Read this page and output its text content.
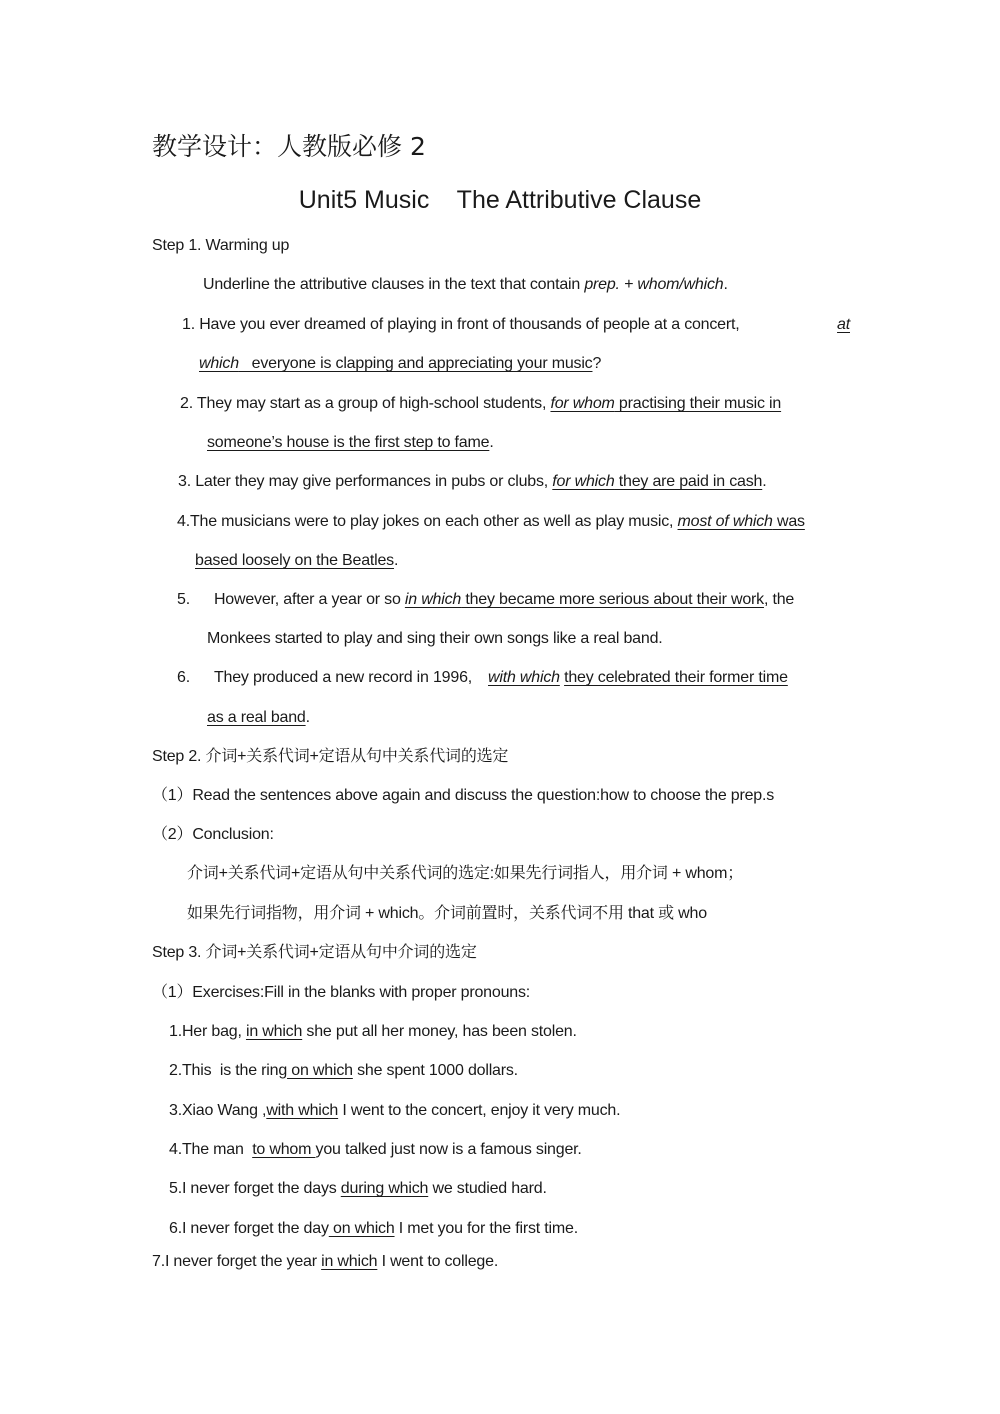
教学设计：人教版必修 2
Unit5 Music    The Attributive Clause
Step 1. Warming up
Underline the attributive clauses in the text that contain prep. + whom/which.
1. Have you ever dreamed of playing in front of thousands of people at a concert,	at
which   everyone is clapping and appreciating your music?
2. They may start as a group of high-school students, for whom practising their music in
someone’s house is the first step to fame.
3. Later they may give performances in pubs or clubs, for which they are paid in cash.
4.The musicians were to play jokes on each other as well as play music, most of which was
based loosely on the Beatles.
5. However, after a year or so in which they became more serious about their work, the
Monkees started to play and sing their own songs like a real band.
6. They produced a new record in 1996, with which they celebrated their former time
as a real band.
Step 2. 介词+关系代词+定语从句中关系代词的选定
（1）Read the sentences above again and discuss the question:how to choose the prep.s
（2）Conclusion:
介词+关系代词+定语从句中关系代词的选定:如果先行词指人，用介词 + whom；
如果先行词指物，用介词 + which。介词前置时，关系代词不用 that 或 who
Step 3. 介词+关系代词+定语从句中介词的选定
（1）Exercises:Fill in the blanks with proper pronouns:
1.Her bag, in which she put all her money, has been stolen.
2.This  is the ring on which she spent 1000 dollars.
3.Xiao Wang ,with which I went to the concert, enjoy it very much.
4.The man  to whom you talked just now is a famous singer.
5.I never forget the days during which we studied hard.
6.I never forget the day on which I met you for the first time.
7.I never forget the year in which I went to college.
